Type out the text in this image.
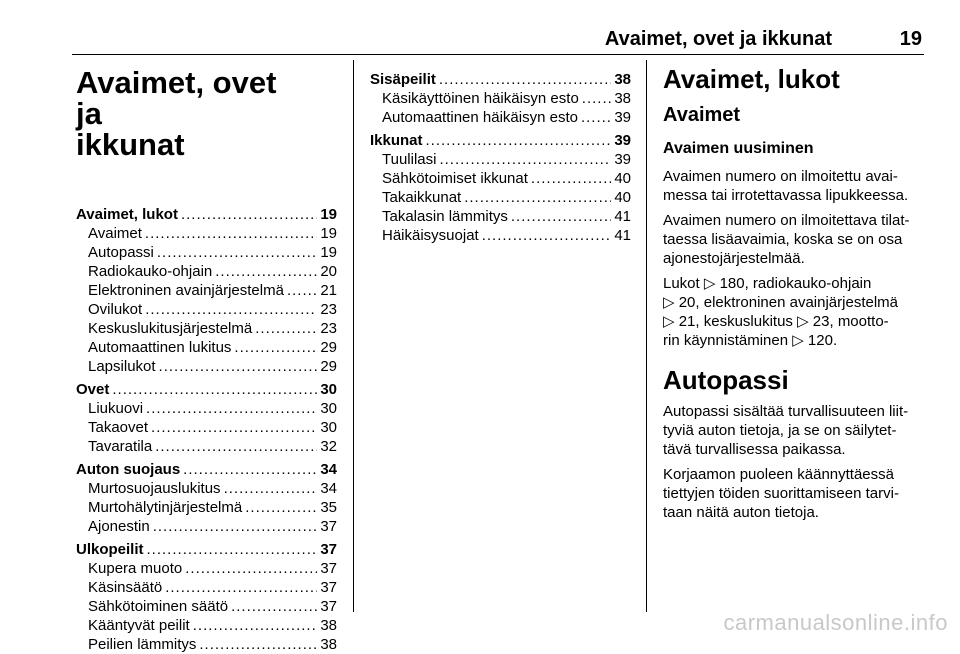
Avaimet, ovet ja ikkunat	19
Avaimet, ovet ja
ikkunat
Avaimet, lukot .....	19
Avaimet .....	19
Autopassi .....	19
Radiokauko-ohjain .....	20
Elektroninen avainjärjestelmä ..... 21
Ovilukot .....	23
Keskuslukitusjärjestelmä .....	23
Automaattinen lukitus .....	29
Lapsilukot .....	29
Ovet .....	30
Liukuovi .....	30
Takaovet .....	30
Tavaratila .....	32
Auton suojaus .....	34
Murtosuojauslukitus .....	34
Murtohälytinjärjestelmä .....	35
Ajonestin .....	37
Ulkopeilit .....	37
Kupera muoto .....	37
Käsinsäätö .....	37
Sähkötoiminen säätö .....	37
Kääntyvät peilit .....	38
Peilien lämmitys .....	38
Sisäpeilit .....	38
Käsikäyttöinen häikäisyn esto ..... 38
Automaattinen häikäisyn esto ..... 39
Ikkunat .....	39
Tuulilasi .....	39
Sähkötoimiset ikkunat .....	40
Takaikkunat .....	40
Takalasin lämmitys .....	41
Häikäisysuojat .....	41
Avaimet, lukot
Avaimet
Avaimen uusiminen

Avaimen numero on ilmoitettu avai-
messa tai irrotettavassa lipukkeessa.

Avaimen numero on ilmoitettava tilat-
taessa lisäavaimia, koska se on osa
ajonestojärjestelmää.

Lukot ▷ 180, radiokauko-ohjain
▷ 20, elektroninen avainjärjestelmä
▷ 21, keskuslukitus ▷ 23, mootto-
rin käynnistäminen ▷ 120.

Autopassi

Autopassi sisältää turvallisuuteen liit-
tyviä auton tietoja, ja se on säilytet-
tävä turvallisessa paikassa.

Korjaamon puoleen käännyttäessä
tiettyjen töiden suorittamiseen tarvi-
taan näitä auton tietoja.

carmanualsonline.info
